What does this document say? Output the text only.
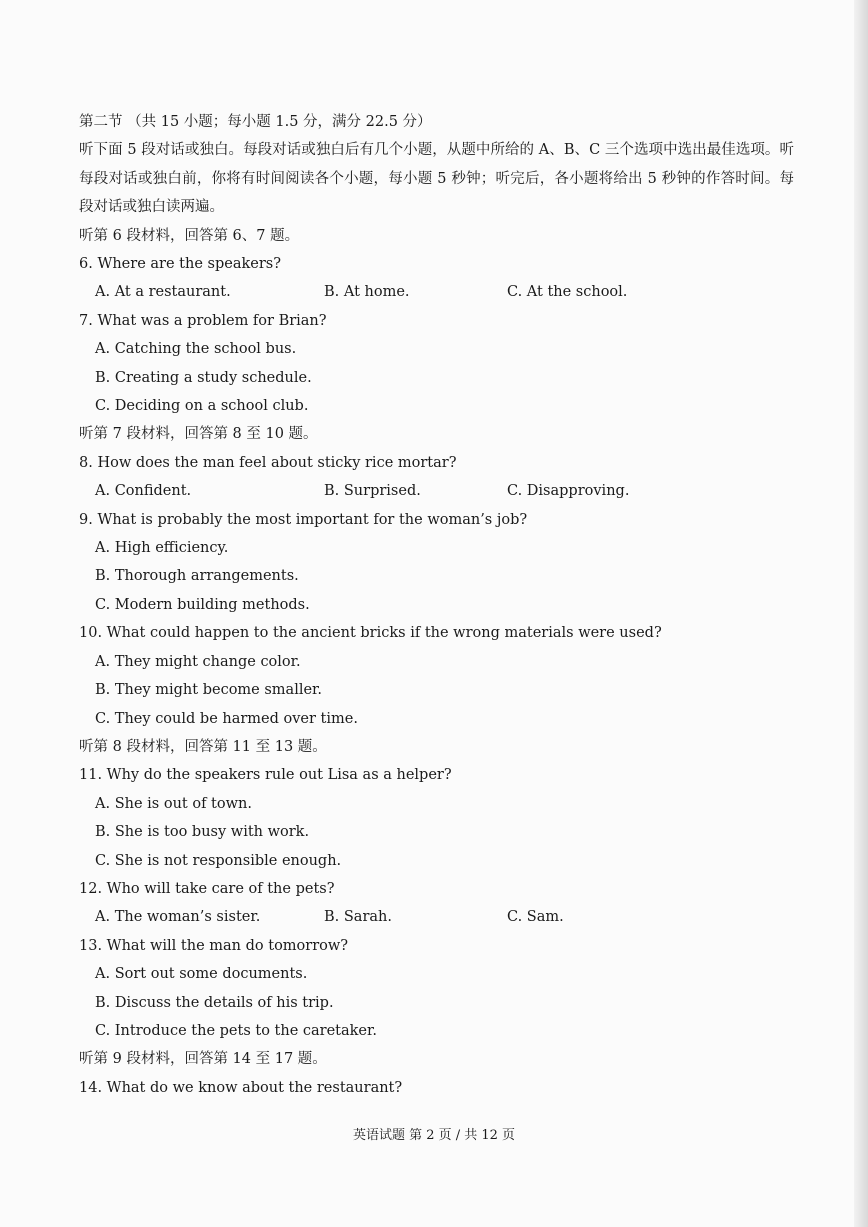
第二节 （共 15 小题；每小题 1.5 分，满分 22.5 分）
听下面 5 段对话或独白。每段对话或独白后有几个小题，从题中所给的 A、B、C 三个选项中选出最佳选项。听每段对话或独白前，你将有时间阅读各个小题，每小题 5 秒钟；听完后，各小题将给出 5 秒钟的作答时间。每段对话或独白读两遍。
听第 6 段材料，回答第 6、7 题。
6. Where are the speakers?
A. At a restaurant.	B. At home.	C. At the school.
7. What was a problem for Brian?
A. Catching the school bus.
B. Creating a study schedule.
C. Deciding on a school club.
听第 7 段材料，回答第 8 至 10 题。
8. How does the man feel about sticky rice mortar?
A. Confident.	B. Surprised.	C. Disapproving.
9. What is probably the most important for the woman’s job?
A. High efficiency.
B. Thorough arrangements.
C. Modern building methods.
10. What could happen to the ancient bricks if the wrong materials were used?
A. They might change color.
B. They might become smaller.
C. They could be harmed over time.
听第 8 段材料，回答第 11 至 13 题。
11. Why do the speakers rule out Lisa as a helper?
A. She is out of town.
B. She is too busy with work.
C. She is not responsible enough.
12. Who will take care of the pets?
A. The woman’s sister.	B. Sarah.	C. Sam.
13. What will the man do tomorrow?
A. Sort out some documents.
B. Discuss the details of his trip.
C. Introduce the pets to the caretaker.
听第 9 段材料，回答第 14 至 17 题。
14. What do we know about the restaurant?
英语试题 第 2 页 / 共 12 页
